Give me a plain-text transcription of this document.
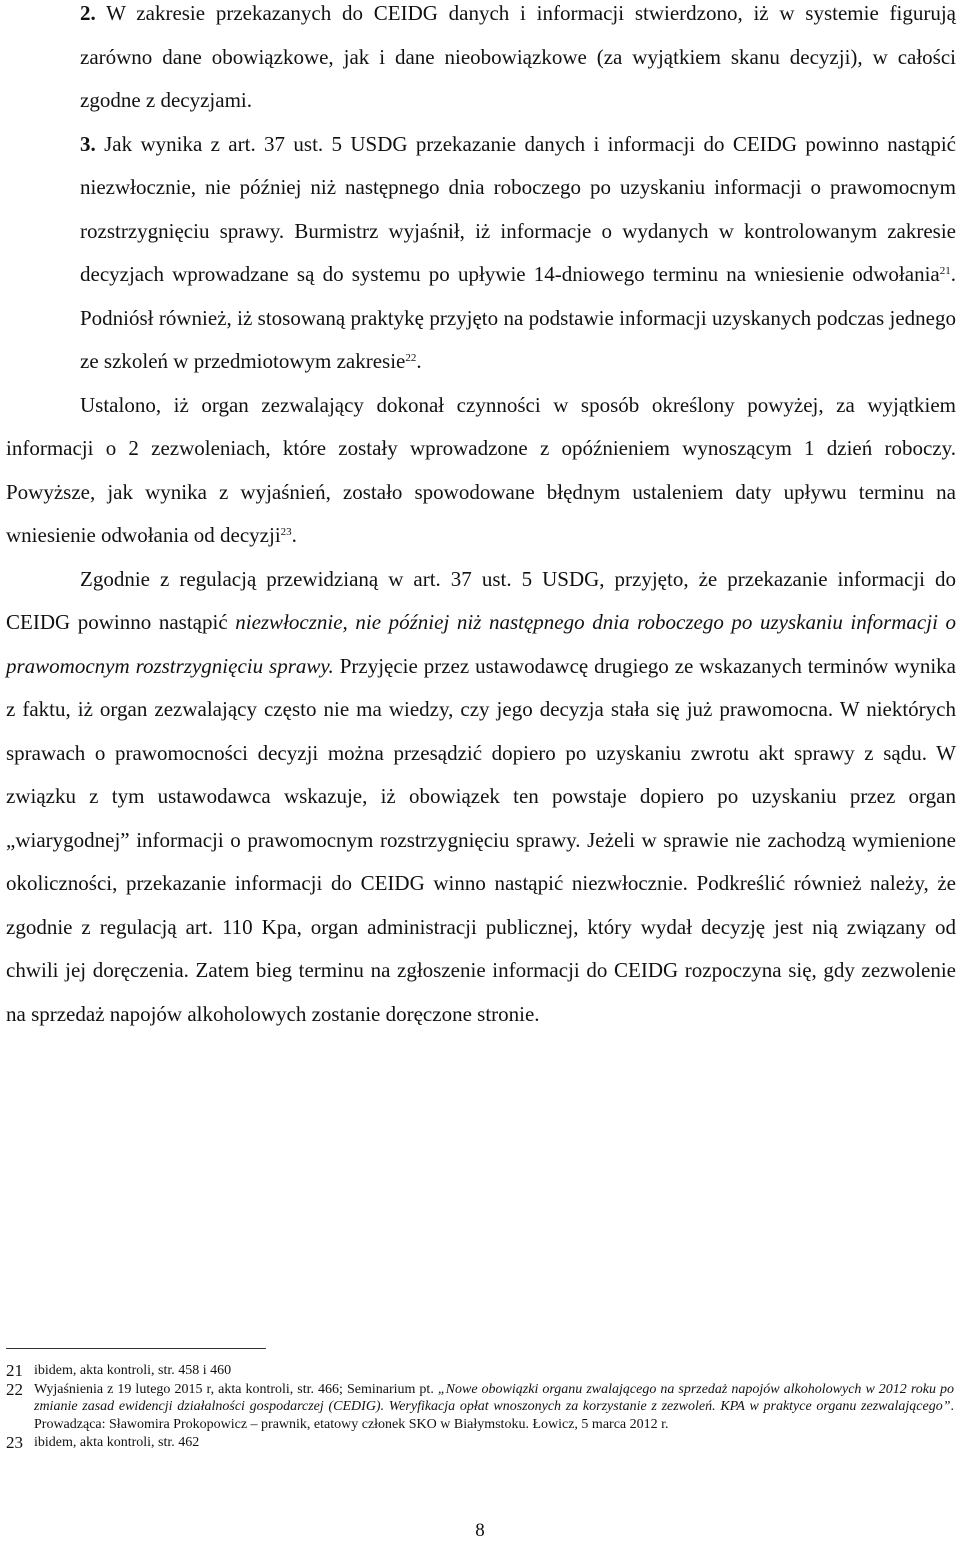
2. W zakresie przekazanych do CEIDG danych i informacji stwierdzono, iż w systemie figurują zarówno dane obowiązkowe, jak i dane nieobowiązkowe (za wyjątkiem skanu decyzji), w całości zgodne z decyzjami.

3. Jak wynika z art. 37 ust. 5 USDG przekazanie danych i informacji do CEIDG powinno nastąpić niezwłocznie, nie później niż następnego dnia roboczego po uzyskaniu informacji o prawomocnym rozstrzygnięciu sprawy. Burmistrz wyjaśnił, iż informacje o wydanych w kontrolowanym zakresie decyzjach wprowadzane są do systemu po upływie 14-dniowego terminu na wniesienie odwołania$^{21}$. Podniósł również, iż stosowaną praktykę przyjęto na podstawie informacji uzyskanych podczas jednego ze szkoleń w przedmiotowym zakresie$^{22}$.

Ustalono, iż organ zezwalający dokonał czynności w sposób określony powyżej, za wyjątkiem informacji o 2 zezwoleniach, które zostały wprowadzone z opóźnieniem wynoszącym 1 dzień roboczy. Powyższe, jak wynika z wyjaśnień, zostało spowodowane błędnym ustaleniem daty upływu terminu na wniesienie odwołania od decyzji$^{23}$.

Zgodnie z regulacją przewidzianą w art. 37 ust. 5 USDG, przyjęto, że przekazanie informacji do CEIDG powinno nastąpić niezwłocznie, nie później niż następnego dnia roboczego po uzyskaniu informacji o prawomocnym rozstrzygnięciu sprawy. Przyjęcie przez ustawodawcę drugiego ze wskazanych terminów wynika z faktu, iż organ zezwalający często nie ma wiedzy, czy jego decyzja stała się już prawomocna. W niektórych sprawach o prawomocności decyzji można przesądzić dopiero po uzyskaniu zwrotu akt sprawy z sądu. W związku z tym ustawodawca wskazuje, iż obowiązek ten powstaje dopiero po uzyskaniu przez organ „wiarygodnej” informacji o prawomocnym rozstrzygnięciu sprawy. Jeżeli w sprawie nie zachodzą wymienione okoliczności, przekazanie informacji do CEIDG winno nastąpić niezwłocznie. Podkreślić również należy, że zgodnie z regulacją art. 110 Kpa, organ administracji publicznej, który wydał decyzję jest nią związany od chwili jej doręczenia. Zatem bieg terminu na zgłoszenie informacji do CEIDG rozpoczyna się, gdy zezwolenie na sprzedaż napojów alkoholowych zostanie doręczone stronie.

21 ibidem, akta kontroli, str. 458 i 460
22 Wyjaśnienia z 19 lutego 2015 r, akta kontroli, str. 466; Seminarium pt. „Nowe obowiązki organu zwalającego na sprzedaż napojów alkoholowych w 2012 roku po zmianie zasad ewidencji działalności gospodarczej (CEDIG). Weryfikacja opłat wnoszonych za korzystanie z zezwoleń. KPA w praktyce organu zezwalającego”. Prowadząca: Sławomira Prokopowicz – prawnik, etatowy członek SKO w Białymstoku. Łowicz, 5 marca 2012 r.
23 ibidem, akta kontroli, str. 462
8
